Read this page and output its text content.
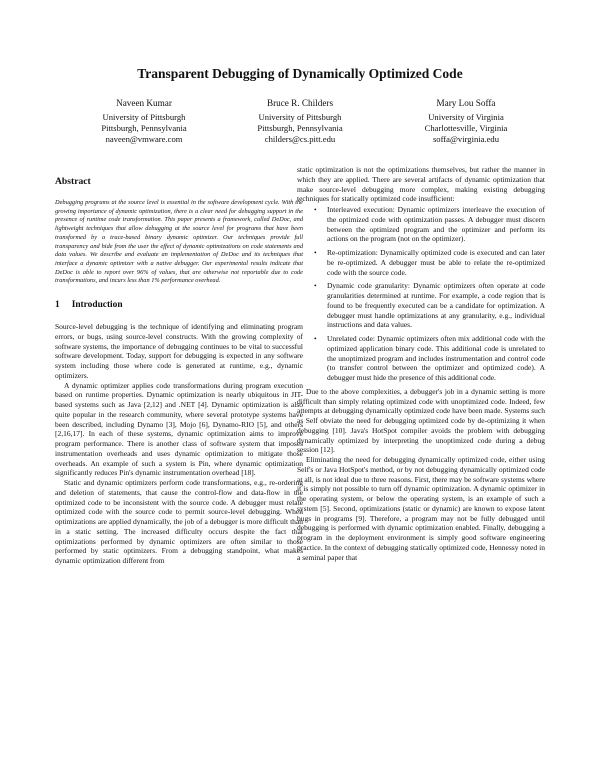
Transparent Debugging of Dynamically Optimized Code
Naveen Kumar
University of Pittsburgh
Pittsburgh, Pennsylvania
naveen@vmware.com
Bruce R. Childers
University of Pittsburgh
Pittsburgh, Pennsylvania
childers@cs.pitt.edu
Mary Lou Soffa
University of Virginia
Charlottesville, Virginia
soffa@virginia.edu
Abstract

Debugging programs at the source level is essential in the software development cycle. With the growing importance of dynamic optimization, there is a clear need for debugging support in the presence of runtime code transformation. This paper presents a framework, called DeDoc, and lightweight techniques that allow debugging at the source level for programs that have been transformed by a trace-based binary dynamic optimizer. Our techniques provide full transparency and hide from the user the effect of dynamic optimizations on code statements and data values. We describe and evaluate an implementation of DeDoc and its techniques that interface a dynamic optimizer with a native debugger. Our experimental results indicate that DeDoc is able to report over 96% of values, that are otherwise not reportable due to code transformations, and incurs less than 1% performance overhead.

1 Introduction

Source-level debugging is the technique of identifying and eliminating program errors, or bugs, using source-level constructs. With the growing complexity of software systems, the importance of debugging continues to be vital to successful software development. Today, support for debugging is expected in any software system including those where code is generated at runtime, e.g., dynamic optimizers.

A dynamic optimizer applies code transformations during program execution based on runtime properties. Dynamic optimization is nearly ubiquitous in JIT-based systems such as Java [2,12] and .NET [4]. Dynamic optimization is also quite popular in the research community, where several prototype systems have been described, including Dynamo [3], Mojo [6], Dynamo-RIO [5], and others [2,16,17]. In each of these systems, dynamic optimization aims to improve program performance. There is another class of software system that imposes instrumentation overheads and uses dynamic optimization to mitigate those overheads. An example of such a system is Pin, where dynamic optimization significantly reduces Pin's dynamic instrumentation overhead [18].

Static and dynamic optimizers perform code transformations, e.g., re-ordering and deletion of statements, that cause the control-flow and data-flow in the optimized code to be inconsistent with the source code. A debugger must relate optimized code with the source code to permit source-level debugging. When optimizations are applied dynamically, the job of a debugger is more difficult than in a static setting. The increased difficulty occurs despite the fact that optimizations performed by dynamic optimizers are often similar to those performed by static optimizers. From a debugging standpoint, what makes dynamic optimization different from

static optimization is not the optimizations themselves, but rather the manner in which they are applied. There are several artifacts of dynamic optimization that make source-level debugging more complex, making existing debugging techniques for statically optimized code insufficient:

• Interleaved execution: Dynamic optimizers interleave the execution of the optimized code with optimization passes. A debugger must discern between the optimized program and the optimizer and perform its actions on the program (not on the optimizer).
• Re-optimization: Dynamically optimized code is executed and can later be re-optimized. A debugger must be able to relate the re-optimized code with the source code.
• Dynamic code granularity: Dynamic optimizers often operate at code granularities determined at runtime. For example, a code region that is found to be frequently executed can be a candidate for optimization. A debugger must handle optimizations at any granularity, e.g., individual instructions and data values.
• Unrelated code: Dynamic optimizers often mix additional code with the optimized application binary code. This additional code is unrelated to the unoptimized program and includes instrumentation and control code (to transfer control between the optimizer and optimized code). A debugger must hide the presence of this additional code.

Due to the above complexities, a debugger's job in a dynamic setting is more difficult than simply relating optimized code with unoptimized code. Indeed, few attempts at debugging dynamically optimized code have been made. Systems such as Self obviate the need for debugging optimized code by de-optimizing it when debugging [10]. Java's HotSpot compiler avoids the problem with debugging dynamically optimized by interpreting the unoptimized code during a debug session [12].

Eliminating the need for debugging dynamically optimized code, either using Self's or Java HotSpot's method, or by not debugging dynamically optimized code at all, is not ideal due to three reasons. First, there may be software systems where it is simply not possible to turn off dynamic optimization. A dynamic optimizer in the operating system, or below the operating system, is an example of such a system [5]. Second, optimizations (static or dynamic) are known to expose latent bugs in programs [9]. Therefore, a program may not be fully debugged until debugging is performed with dynamic optimization enabled. Finally, debugging a program in the deployment environment is simply good software engineering practice. In the context of debugging statically optimized code, Hennessy noted in a seminal paper that
